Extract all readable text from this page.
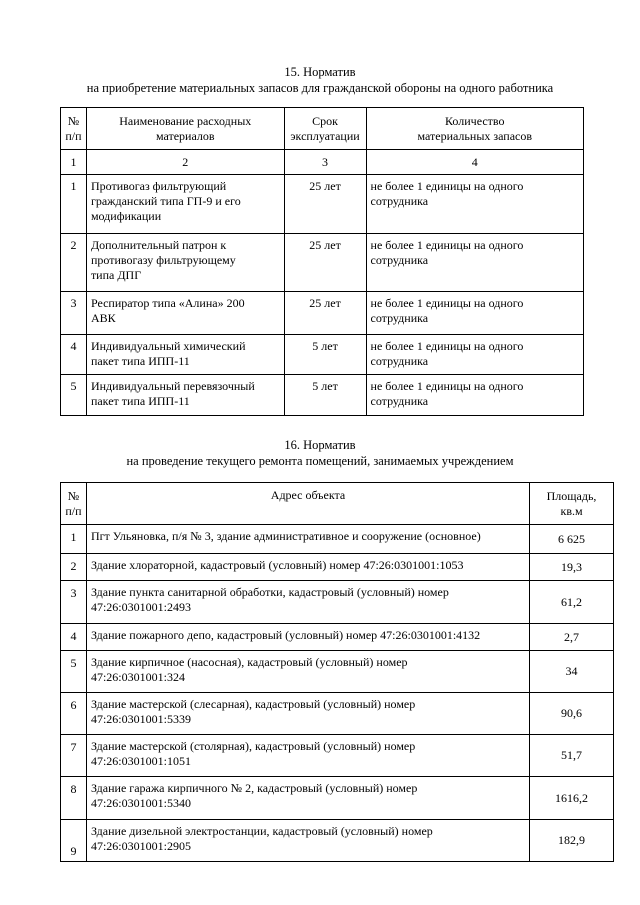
15. Норматив
на приобретение материальных запасов для гражданской обороны на одного работника
№
п/п	Наименование расходных
материалов	Срок
эксплуатации	Количество
материальных запасов
1	2	3	4
1	Противогаз фильтрующий
гражданский типа ГП-9 и его
модификации	25 лет	не более 1 единицы на одного
сотрудника
2	Дополнительный патрон к
противогазу фильтрующему
типа ДПГ	25 лет	не более 1 единицы на одного
сотрудника
3	Респиратор типа «Алина» 200
АВК	25 лет	не более 1 единицы на одного
сотрудника
4	Индивидуальный химический
пакет типа ИПП-11	5 лет	не более 1 единицы на одного
сотрудника
5	Индивидуальный перевязочный
пакет типа ИПП-11	5 лет	не более 1 единицы на одного
сотрудника
16. Норматив
на проведение текущего ремонта помещений, занимаемых учреждением
№
п/п	Адрес объекта	Площадь,
кв.м
1	Пгт Ульяновка, п/я № 3, здание административное и сооружение (основное)	6 625
2	Здание хлораторной, кадастровый (условный) номер 47:26:0301001:1053	19,3
3	Здание пункта санитарной обработки, кадастровый (условный) номер
47:26:0301001:2493	61,2
4	Здание пожарного депо, кадастровый (условный) номер 47:26:0301001:4132	2,7
5	Здание кирпичное (насосная), кадастровый (условный) номер
47:26:0301001:324	34
6	Здание мастерской (слесарная), кадастровый (условный) номер
47:26:0301001:5339	90,6
7	Здание мастерской (столярная), кадастровый (условный) номер
47:26:0301001:1051	51,7
8	Здание гаража кирпичного № 2, кадастровый (условный) номер
47:26:0301001:5340	1616,2
9	Здание дизельной электростанции, кадастровый (условный) номер
47:26:0301001:2905	182,9
